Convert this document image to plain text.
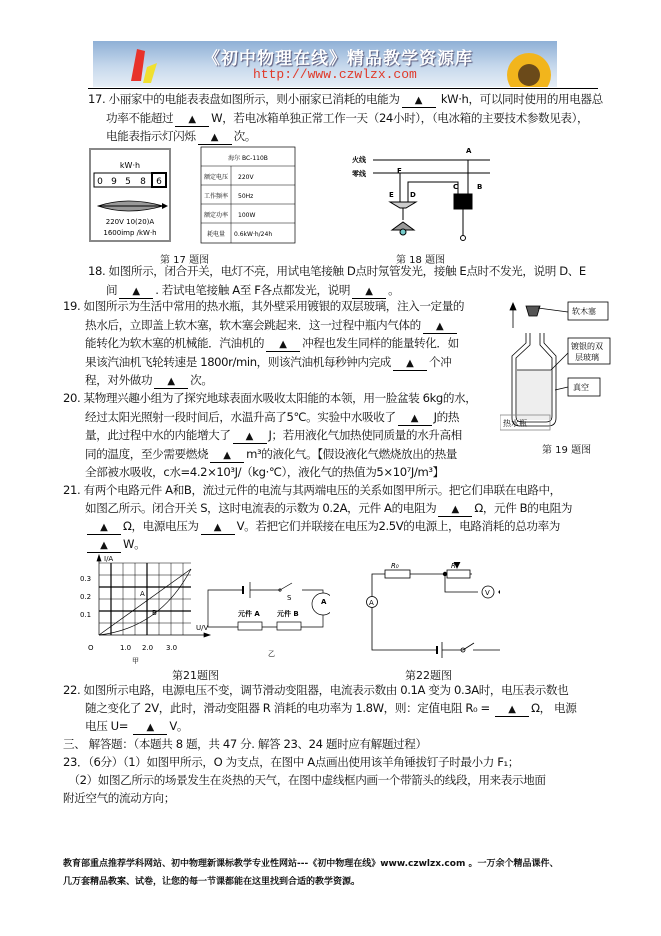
《初中物理在线》精品教学资源库
http://www.czwlzx.com
17. 小丽家中的电能表表盘如图所示，则小丽家已消耗的电能为 ▲ kW·h，可以同时使用的用电器总
功率不能超过 ▲ W，若电冰箱单独正常工作一天（24小时），（电冰箱的主要技术参数见表），
电能表指示灯闪烁 ▲ 次。
kW·h
0 9 5 8 6
220V 10(20)A
1600imp /kW·h
海尔 BC-110B
额定电压 220V
工作频率 50Hz
额定功率 100W
耗电量 0.6kW·h/24h
第 17 题图
火线
零线
A
B
C
D
E
F
第 18 题图
18. 如图所示，闭合开关，电灯不亮，用试电笔接触 D点时氖管发光，接触 E点时不发光，说明 D、E
间 ▲ . 若试电笔接触 A至 F各点都发光，说明 ▲ 。
19. 如图所示为生活中常用的热水瓶，其外壁采用镀银的双层玻璃，注入一定量的
热水后，立即盖上软木塞，软木塞会跳起来．这一过程中瓶内气体的 ▲
能转化为软木塞的机械能．汽油机的 ▲ 冲程也发生同样的能量转化．如
果该汽油机飞轮转速是 1800r/min，则该汽油机每秒钟内完成 ▲ 个冲
程，对外做功 ▲ 次。
软木塞
镀银的双
层玻璃
真空
热水瓶
第 19 题图
20. 某物理兴趣小组为了探究地球表面水吸收太阳能的本领，用一脸盆装 6kg的水，
经过太阳光照射一段时间后，水温升高了5℃。实验中水吸收了 ▲ J的热
量，此过程中水的内能增大了 ▲ J；若用液化气加热使同质量的水升高相
同的温度，至少需要燃烧 ▲ m³的液化气。【假设液化气燃烧放出的热量
全部被水吸收，c水=4.2×10³J/（kg·℃），液化气的热值为5×10⁷J/m³】
21. 有两个电路元件 A和B，流过元件的电流与其两端电压的关系如图甲所示。把它们串联在电路中，
如图乙所示。闭合开关 S，这时电流表的示数为 0.2A，元件 A的电阻为 ▲ Ω，元件 B的电阻为
▲ Ω，电源电压为 ▲ V。若把它们并联接在电压为2.5V的电源上，电路消耗的总功率为
▲ W。
I/A
U/V
O
0.1
0.2
0.3
1.0 2.0 3.0
A
B
甲
乙
S
元件 A 元件 B
A
第21题图
R₀	R
A
V
第22题图
22. 如图所示电路，电源电压不变，调节滑动变阻器，电流表示数由 0.1A 变为 0.3A时，电压表示数也
随之变化了 2V，此时，滑动变阻器 R 消耗的电功率为 1.8W，则：定值电阻 R₀ = ▲ Ω， 电源
电压 U= ▲ V。
三、 解答题：（本题共 8 题，共 47 分. 解答 23、24 题时应有解题过程）
23．（6分）（1）如图甲所示，O 为支点，在图中 A点画出使用该羊角锤拔钉子时最小力 F₁；
　（2）如图乙所示的场景发生在炎热的天气，在图中虚线框内画一个带箭头的线段，用来表示地面
附近空气的流动方向；
教育部重点推荐学科网站、初中物理新课标教学专业性网站---《初中物理在线》www.czwlzx.com 。一万余个精品课件、
几万套精品教案、试卷，让您的每一节课都能在这里找到合适的教学资源。
